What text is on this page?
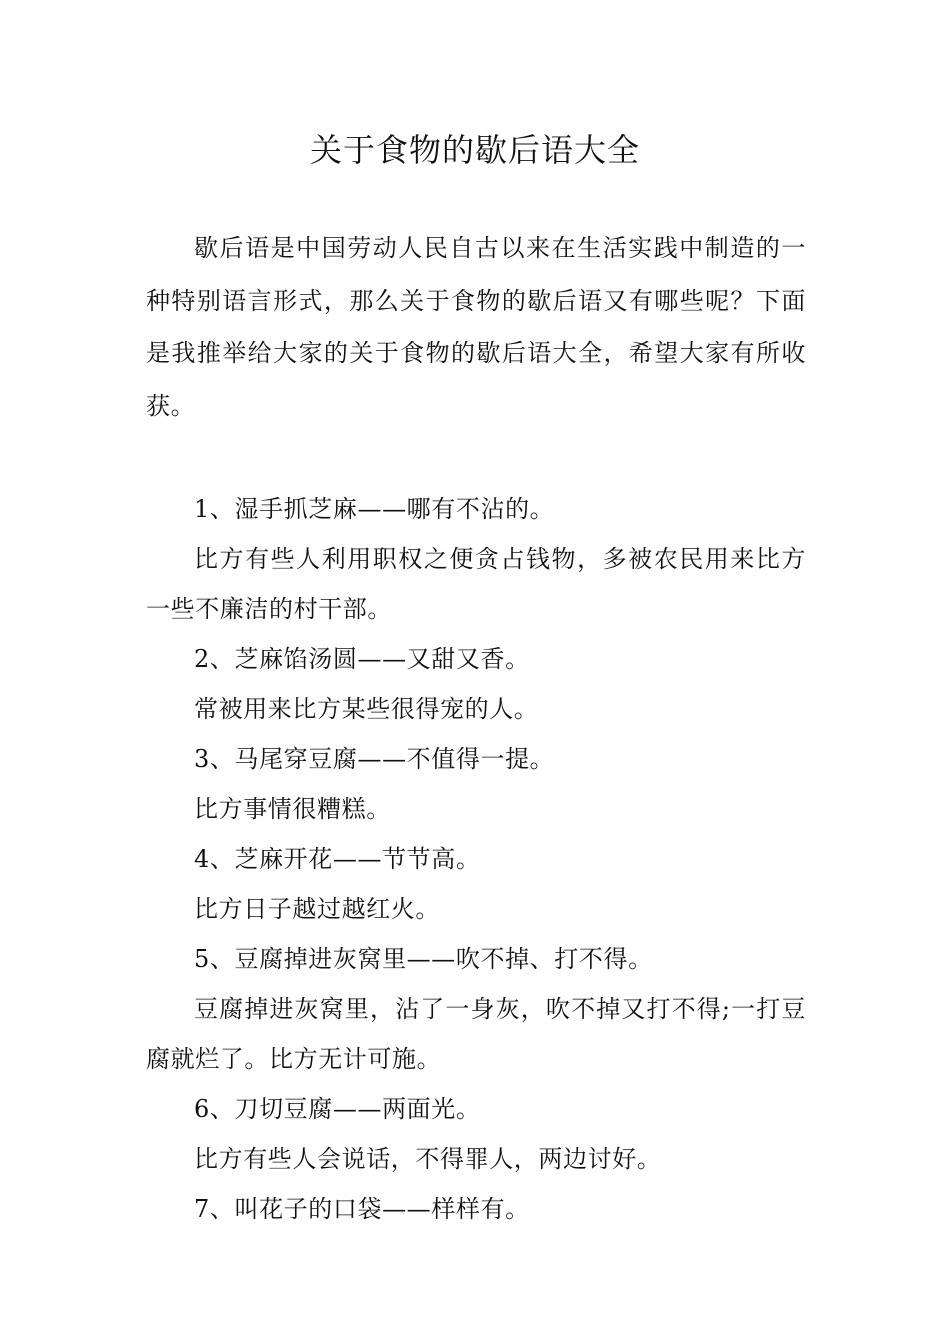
关于食物的歇后语大全

歇后语是中国劳动人民自古以来在生活实践中制造的一种特别语言形式，那么关于食物的歇后语又有哪些呢？下面是我推举给大家的关于食物的歇后语大全，希望大家有所收获。

1、湿手抓芝麻——哪有不沾的。

比方有些人利用职权之便贪占钱物，多被农民用来比方一些不廉洁的村干部。

2、芝麻馅汤圆——又甜又香。

常被用来比方某些很得宠的人。

3、马尾穿豆腐——不值得一提。

比方事情很糟糕。

4、芝麻开花——节节高。

比方日子越过越红火。

5、豆腐掉进灰窝里——吹不掉、打不得。

豆腐掉进灰窝里，沾了一身灰，吹不掉又打不得;一打豆腐就烂了。比方无计可施。

6、刀切豆腐——两面光。

比方有些人会说话，不得罪人，两边讨好。

7、叫花子的口袋——样样有。
